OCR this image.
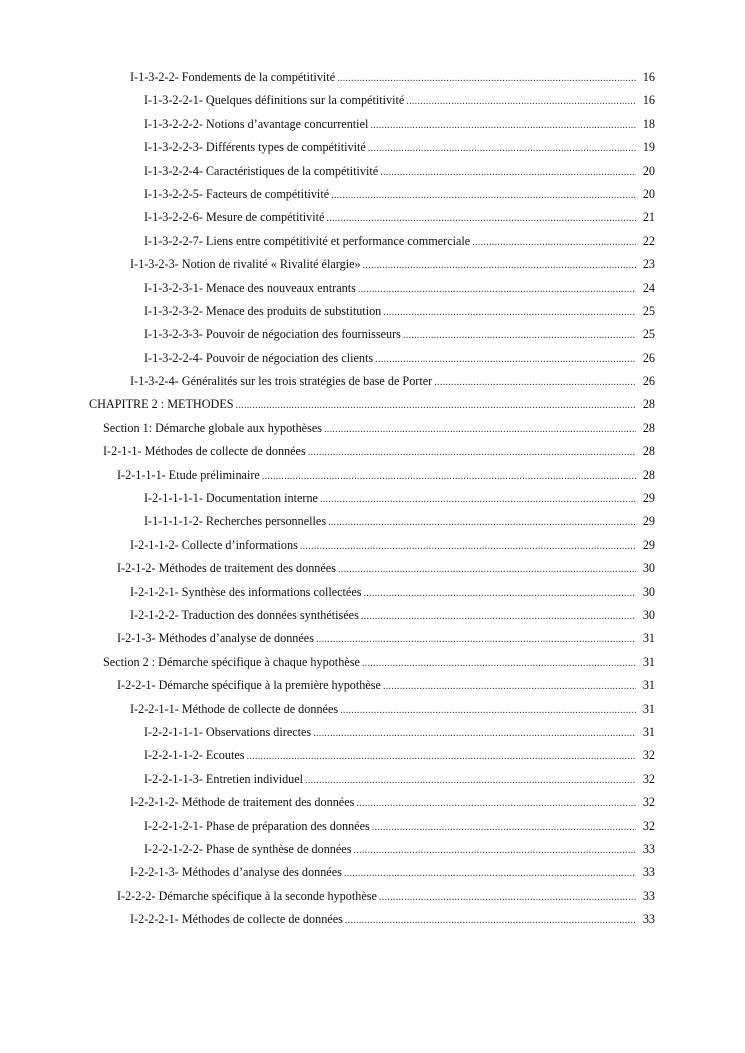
I-1-3-2-2- Fondements de la compétitivité .....	16
I-1-3-2-2-1- Quelques définitions sur la compétitivité .....	16
I-1-3-2-2-2- Notions d’avantage concurrentiel .....	18
I-1-3-2-2-3- Différents types de compétitivité .....	19
I-1-3-2-2-4- Caractéristiques de la compétitivité .....	20
I-1-3-2-2-5- Facteurs de compétitivité .....	20
I-1-3-2-2-6- Mesure de compétitivité .....	21
I-1-3-2-2-7- Liens entre compétitivité et performance commerciale .....	22
I-1-3-2-3- Notion de rivalité « Rivalité élargie» .....	23
I-1-3-2-3-1- Menace des nouveaux entrants .....	24
I-1-3-2-3-2- Menace des produits de substitution .....	25
I-1-3-2-3-3- Pouvoir de négociation des fournisseurs .....	25
I-1-3-2-2-4- Pouvoir de négociation des clients .....	26
I-1-3-2-4- Généralités sur les trois stratégies de base de Porter .....	26
CHAPITRE 2 : METHODES .....	28
Section 1: Démarche globale aux hypothèses .....	28
I-2-1-1- Méthodes de collecte de données .....	28
I-2-1-1-1- Etude préliminaire .....	28
I-2-1-1-1-1- Documentation interne .....	29
I-1-1-1-1-2- Recherches personnelles .....	29
I-2-1-1-2- Collecte d’informations .....	29
I-2-1-2- Méthodes de traitement des données .....	30
I-2-1-2-1- Synthèse des informations collectées .....	30
I-2-1-2-2- Traduction des données synthétisées .....	30
I-2-1-3- Méthodes d’analyse de données .....	31
Section 2 : Démarche spécifique à chaque hypothèse .....	31
I-2-2-1- Démarche spécifique à la première hypothèse .....	31
I-2-2-1-1- Méthode de collecte de données .....	31
I-2-2-1-1-1- Observations directes .....	31
I-2-2-1-1-2- Ecoutes .....	32
I-2-2-1-1-3- Entretien individuel .....	32
I-2-2-1-2- Méthode de traitement des données .....	32
I-2-2-1-2-1- Phase de préparation des données .....	32
I-2-2-1-2-2- Phase de synthèse de données .....	33
I-2-2-1-3- Méthodes d’analyse des données .....	33
I-2-2-2- Démarche spécifique à la seconde hypothèse .....	33
I-2-2-2-1- Méthodes de collecte de données .....	33
